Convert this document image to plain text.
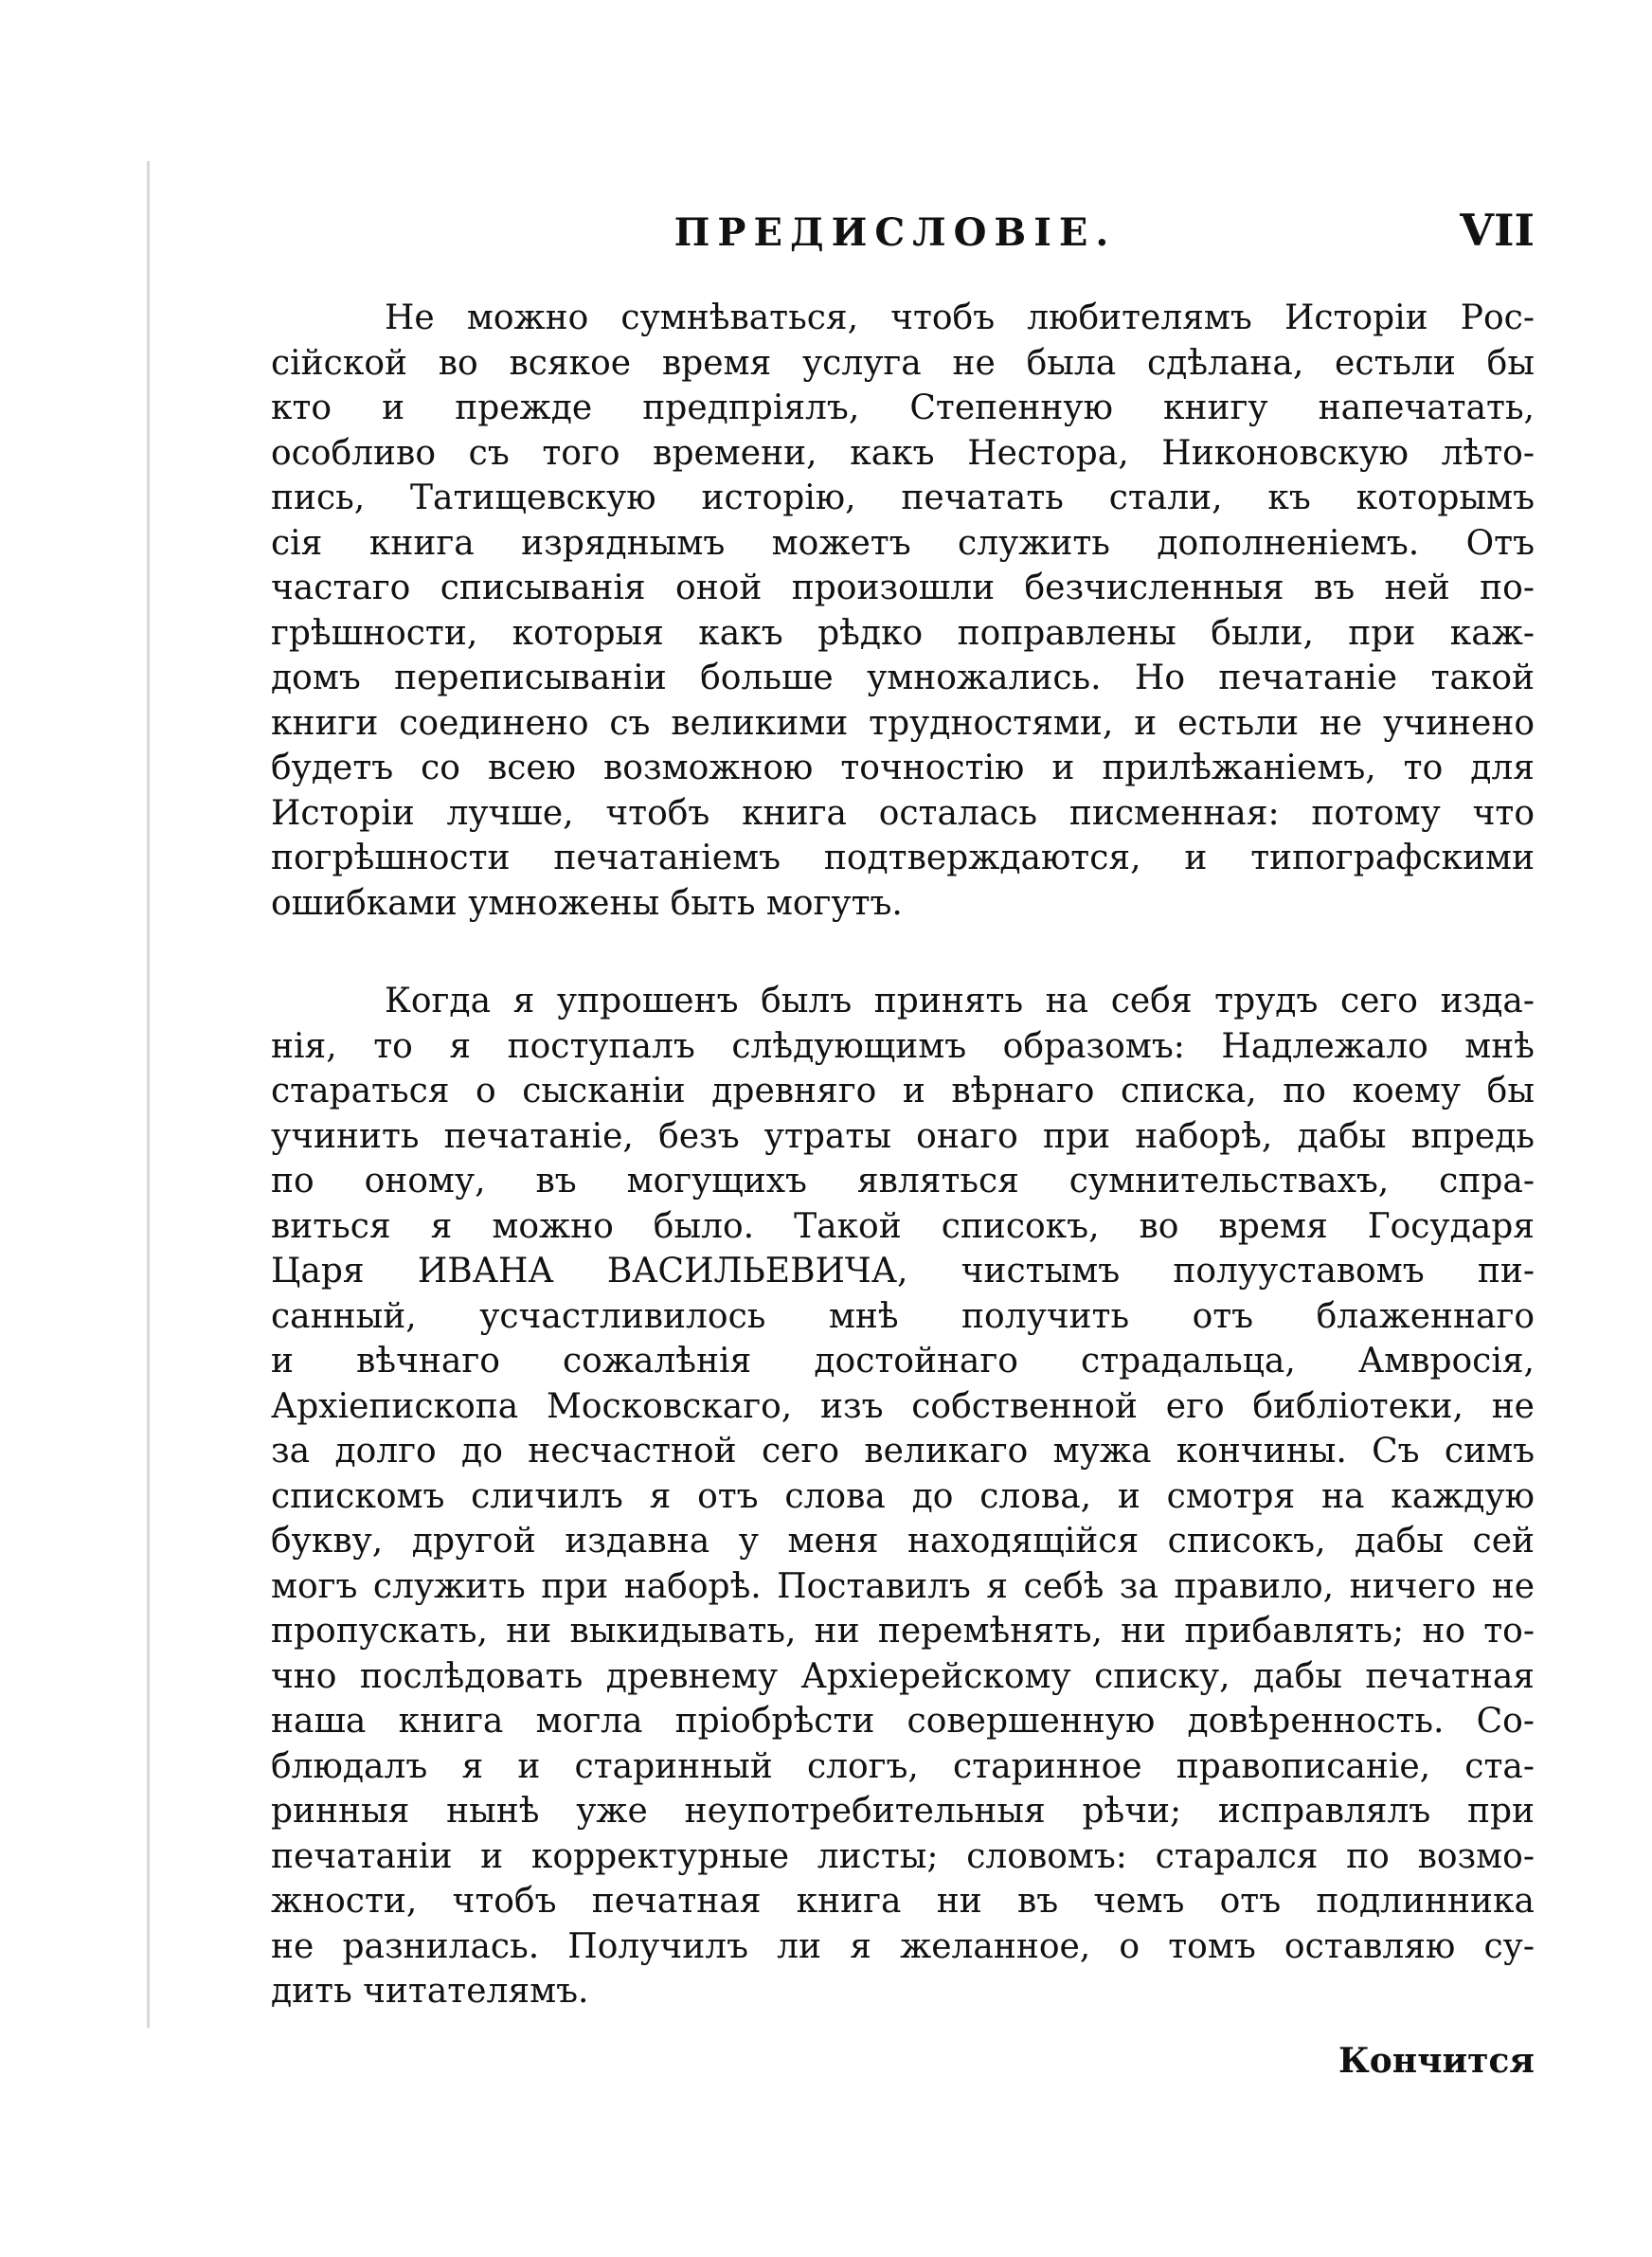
ПРЕДИСЛОВІЕ.	VII
Не можно сумнѣваться, чтобъ любителямъ Исторіи Рос-
сійской во всякое время услуга не была сдѣлана, естьли бы
кто и прежде предпріялъ, Степенную книгу напечатать,
особливо съ того времени, какъ Нестора, Никоновскую лѣто-
пись, Татищевскую исторію, печатать стали, къ которымъ
сія книга изряднымъ можетъ служить дополненіемъ. Отъ
частаго списыванія оной произошли безчисленныя въ ней по-
грѣшности, которыя какъ рѣдко поправлены были, при каж-
домъ переписываніи больше умножались. Но печатаніе такой
книги соединено съ великими трудностями, и естьли не учинено
будетъ со всею возможною точностію и прилѣжаніемъ, то для
Исторіи лучше, чтобъ книга осталась писменная: потому что
погрѣшности печатаніемъ подтверждаются, и типографскими
ошибками умножены быть могутъ.
Когда я упрошенъ былъ принять на себя трудъ сего изда-
нія, то я поступалъ слѣдующимъ образомъ: Надлежало мнѣ
стараться о сысканіи древняго и вѣрнаго списка, по коему бы
учинить печатаніе, безъ утраты онаго при наборѣ, дабы впредь
по оному, въ могущихъ являться сумнительствахъ, спра-
виться я можно было. Такой списокъ, во время Государя
Царя ИВАНА ВАСИЛЬЕВИЧА, чистымъ полууставомъ пи-
санный, усчастливилось мнѣ получить отъ блаженнаго
и вѣчнаго сожалѣнія достойнаго страдальца, Амвросія,
Архіепископа Московскаго, изъ собственной его библіотеки, не
за долго до несчастной сего великаго мужа кончины. Съ симъ
спискомъ сличилъ я отъ слова до слова, и смотря на каждую
букву, другой издавна у меня находящійся списокъ, дабы сей
могъ служить при наборѣ. Поставилъ я себѣ за правило, ничего не
пропускать, ни выкидывать, ни перемѣнять, ни прибавлять; но то-
чно послѣдовать древнему Архіерейскому списку, дабы печатная
наша книга могла пріобрѣсти совершенную довѣренность. Со-
блюдалъ я и старинный слогъ, старинное правописаніе, ста-
ринныя нынѣ уже неупотребительныя рѣчи; исправлялъ при
печатаніи и корректурные листы; словомъ: старался по возмо-
жности, чтобъ печатная книга ни въ чемъ отъ подлинника
не разнилась. Получилъ ли я желанное, о томъ оставляю су-
дить читателямъ.
Кончится
